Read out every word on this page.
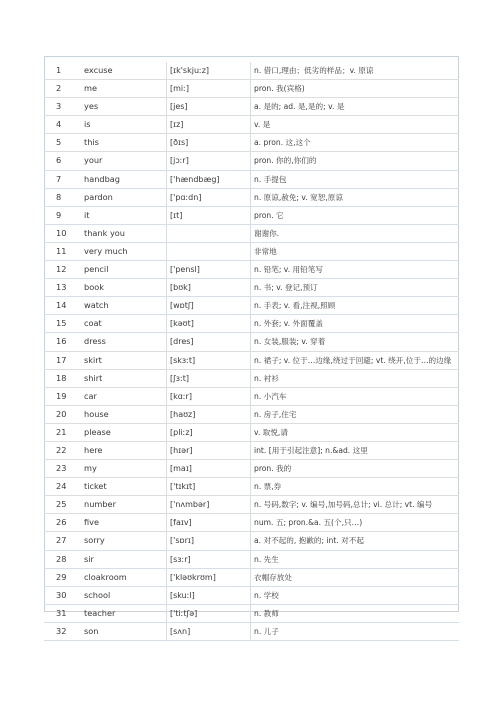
1	excuse	[ɪk'skjuːz]	n. 借口,理由；低劣的样品；v. 原谅
2	me	[miː]	pron. 我(宾格)
3	yes	[jes]	a. 是的; ad. 是,是的; v. 是
4	is	[ɪz]	v. 是
5	this	[ðɪs]	a. pron. 这,这个
6	your	[jɔːr]	pron. 你的,你们的
7	handbag	['hændbæg]	n. 手提包
8	pardon	['pɑːdn]	n. 原谅,赦免; v. 宽恕,原谅
9	it	[ɪt]	pron. 它
10	thank you		谢谢你.
11	very much		非常地
12	pencil	['pensl]	n. 铅笔; v. 用铅笔写
13	book	[bʊk]	n. 书; v. 登记,预订
14	watch	[wɒtʃ]	n. 手表; v. 看,注视,照顾
15	coat	[kəʊt]	n. 外套; v. 外面覆盖
16	dress	[dres]	n. 女装,服装; v. 穿着
17	skirt	[skɜːt]	n. 裙子; v. 位于…边缘,绕过于回避; vt. 绕开,位于…的边缘
18	shirt	[ʃɜːt]	n. 衬衫
19	car	[kɑːr]	n. 小汽车
20	house	[haʊz]	n. 房子,住宅
21	please	[pliːz]	v. 取悦,请
22	here	[hɪər]	int. [用于引起注意]; n.&ad. 这里
23	my	[maɪ]	pron. 我的
24	ticket	['tɪkɪt]	n. 票,券
25	number	['nʌmbər]	n. 号码,数字; v. 编号,加号码,总计; vi. 总计; vt. 编号
26	five	[faɪv]	num. 五; pron.&a. 五(个,只…)
27	sorry	['sɒrɪ]	a. 对不起的, 抱歉的; int. 对不起
28	sir	[sɜːr]	n. 先生
29	cloakroom	['kləʊkrʊm]	衣帽存放处
30	school	[skuːl]	n. 学校
31	teacher	['tiːtʃə]	n. 教师
32	son	[sʌn]	n. 儿子
